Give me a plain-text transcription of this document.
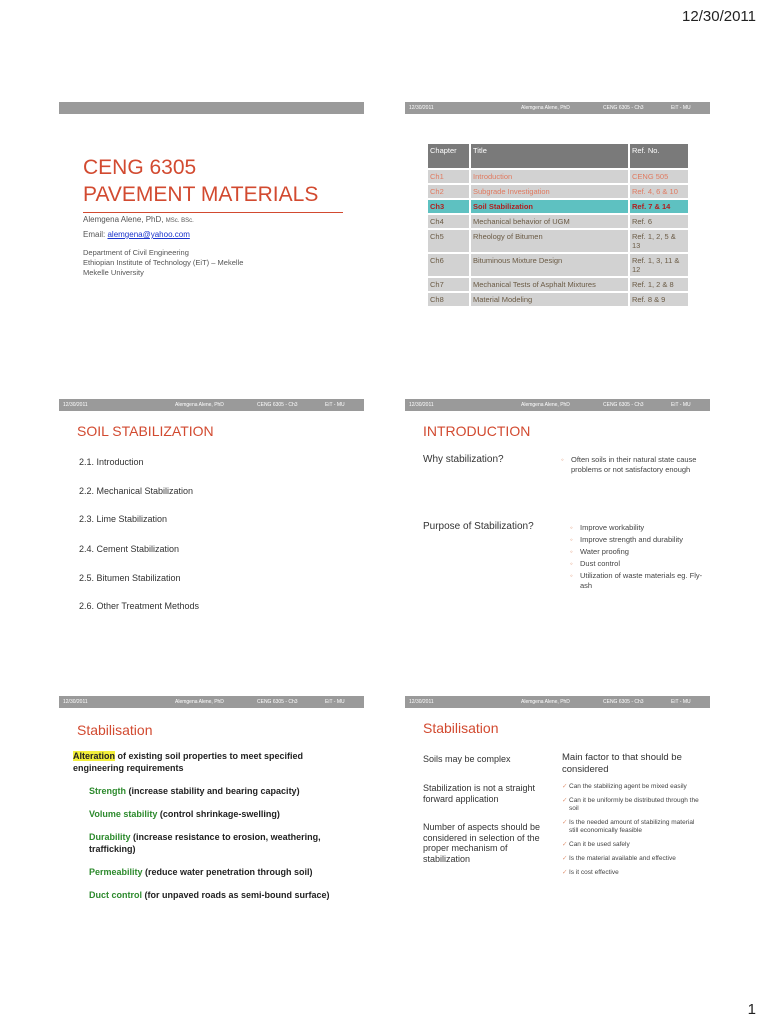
12/30/2011
CENG 6305
PAVEMENT MATERIALS
Alemgena Alene, PhD, MSc. BSc.
Email: alemgena@yahoo.com
Department of Civil Engineering
Ethiopian Institute of Technology (EiT) – Mekelle
Mekelle University
12/30/2011	Alemgena Alene, PhD	CENG 6305 - Ch3	EiT - MU
Chapter	Title	Ref. No.
Ch1	Introduction	CENG 505
Ch2	Subgrade Investigation	Ref. 4, 6 & 10
Ch3	Soil Stabilization	Ref. 7 & 14
Ch4	Mechanical behavior of UGM	Ref. 6
Ch5	Rheology of Bitumen	Ref. 1, 2, 5 & 13
Ch6	Bituminous Mixture Design	Ref. 1, 3, 11 & 12
Ch7	Mechanical Tests of Asphalt Mixtures	Ref. 1, 2 & 8
Ch8	Material Modeling	Ref. 8 & 9
12/30/2011	Alemgena Alene, PhD	CENG 6305 - Ch3	EiT - MU
SOIL STABILIZATION
2.1. Introduction
2.2. Mechanical Stabilization
2.3. Lime Stabilization
2.4. Cement Stabilization
2.5. Bitumen Stabilization
2.6. Other Treatment Methods
12/30/2011	Alemgena Alene, PhD	CENG 6305 - Ch3	EiT - MU
INTRODUCTION
Why stabilization?	◦ Often soils in their natural state cause problems or not satisfactory enough
Purpose of Stabilization?	◦ Improve workability
◦ Improve strength and durability
◦ Water proofing
◦ Dust control
◦ Utilization of waste materials eg. Fly-ash
12/30/2011	Alemgena Alene, PhD	CENG 6305 - Ch3	EiT - MU
Stabilisation
Alteration of existing soil properties to meet specified engineering requirements
Strength (increase stability and bearing capacity)
Volume stability (control shrinkage-swelling)
Durability (increase resistance to erosion, weathering, trafficking)
Permeability (reduce water penetration through soil)
Duct control (for unpaved roads as semi-bound surface)
12/30/2011	Alemgena Alene, PhD	CENG 6305 - Ch3	EiT - MU
Stabilisation
Soils may be complex
Stabilization is not a straight forward application
Number of aspects should be considered in selection of the proper mechanism of stabilization
Main factor to that should be considered
✓ Can the stabilizing agent be mixed easily
✓ Can it be uniformly be distributed through the soil
✓ Is the needed amount of stabilizing material still economically feasible
✓ Can it be used safely
✓ Is the material available and effective
✓ Is it cost effective
1
